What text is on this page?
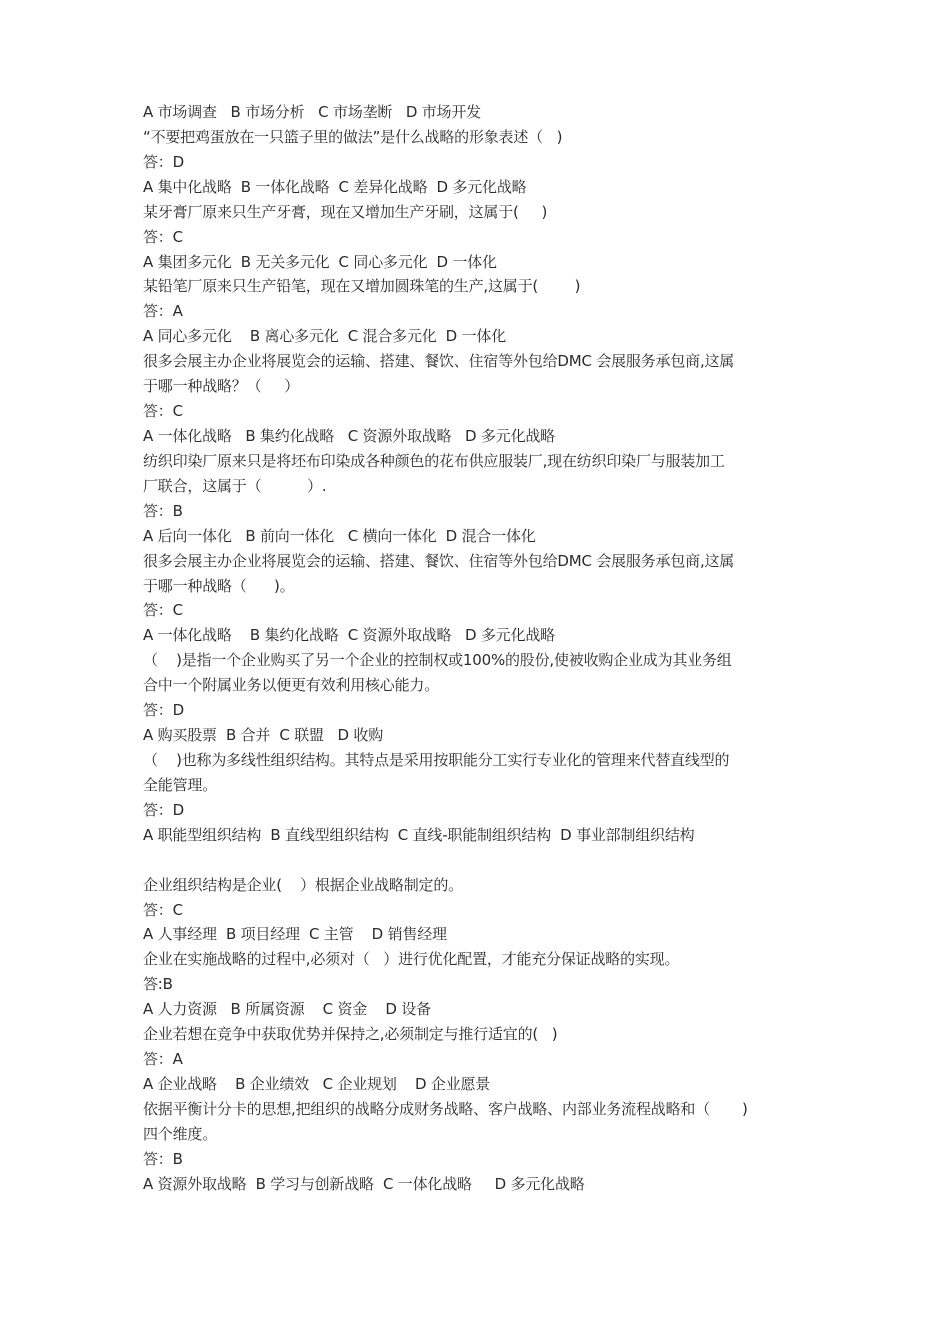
A 市场调查   B 市场分析   C 市场垄断   D 市场开发
“不要把鸡蛋放在一只篮子里的做法”是什么战略的形象表述（   )
答：D
A 集中化战略  B 一体化战略  C 差异化战略  D 多元化战略
某牙膏厂原来只生产牙膏，现在又增加生产牙刷，这属于(     )
答：C
A 集团多元化  B 无关多元化  C 同心多元化  D 一体化
某铅笔厂原来只生产铅笔，现在又增加圆珠笔的生产,这属于(        )
答：A
A 同心多元化    B 离心多元化  C 混合多元化  D 一体化
很多会展主办企业将展览会的运输、搭建、餐饮、住宿等外包给DMC 会展服务承包商,这属
于哪一种战略？（     ）
答：C
A 一体化战略   B 集约化战略   C 资源外取战略   D 多元化战略
纺织印染厂原来只是将坯布印染成各种颜色的花布供应服装厂,现在纺织印染厂与服装加工
厂联合，这属于（          ）.
答：B
A 后向一体化   B 前向一体化   C 横向一体化  D 混合一体化
很多会展主办企业将展览会的运输、搭建、餐饮、住宿等外包给DMC 会展服务承包商,这属
于哪一种战略（      )。
答：C
A 一体化战略    B 集约化战略  C 资源外取战略   D 多元化战略
（    )是指一个企业购买了另一个企业的控制权或100%的股份,使被收购企业成为其业务组
合中一个附属业务以便更有效利用核心能力。
答：D
A 购买股票  B 合并  C 联盟   D 收购
（    )也称为多线性组织结构。其特点是采用按职能分工实行专业化的管理来代替直线型的
全能管理。
答：D
A 职能型组织结构  B 直线型组织结构  C 直线-职能制组织结构  D 事业部制组织结构
企业组织结构是企业(    ）根据企业战略制定的。
答：C
A 人事经理  B 项目经理  C 主管    D 销售经理
企业在实施战略的过程中,必须对（   ）进行优化配置，才能充分保证战略的实现。
答:B
A 人力资源   B 所属资源    C 资金    D 设备
企业若想在竞争中获取优势并保持之,必须制定与推行适宜的(   )
答：A
A 企业战略    B 企业绩效   C 企业规划    D 企业愿景
依据平衡计分卡的思想,把组织的战略分成财务战略、客户战略、内部业务流程战略和（       )
四个维度。
答：B
A 资源外取战略  B 学习与创新战略  C 一体化战略     D 多元化战略
